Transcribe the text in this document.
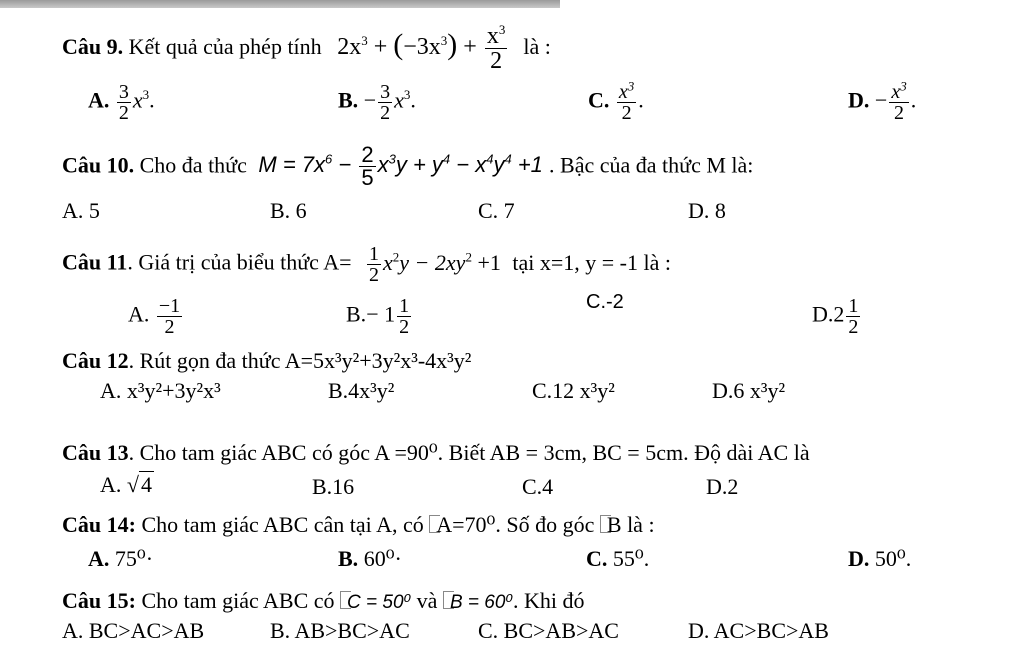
Câu 9. Kết quả của phép tính $2x^3 + (-3x^3) + \frac{x^3}{2}$ là :
A. $\frac{3}{2} x^3$.	B. − $\frac{3}{2} x^3$.	C. $\frac{x^3}{2}$ .	D. − $\frac{x^3}{2}$ .
Câu 10. Cho đa thức $M = 7x^6 - \frac{2}{5} x^3y + y^4 - x^4y^4 +1$ . Bậc của đa thức M là:
A. 5	B. 6	C. 7	D. 8
Câu 11. Giá trị của biểu thức $A= \frac{1}{2} x^2y - 2xy^2 +1$ tại x=1, y = -1 là :
A. $\frac{-1}{2}$	$B.- 1 \frac{1}{2}$	C.-2	$D.2 \frac{1}{2}$
Câu 12. Rút gọn đa thức A=5x³y²+3y²x³-4x³y²
A. x³y²+3y²x³	B.4x³y²	C.12 x³y²	D.6 x³y²
Câu 13. Cho tam giác ABC có góc A =90⁰. Biết AB = 3cm, BC = 5cm. Độ dài AC là
A. √4	B.16	C.4	D.2
Câu 14: Cho tam giác ABC cân tại A, có A=70⁰. Số đo góc B là :
A. 75⁰·	B. 60⁰·	C. 55⁰.	D. 50⁰.
Câu 15: Cho tam giác ABC có C = 50⁰ và B = 60⁰. Khi đó
A. BC>AC>AB	B. AB>BC>AC	C. BC>AB>AC	D. AC>BC>AB
